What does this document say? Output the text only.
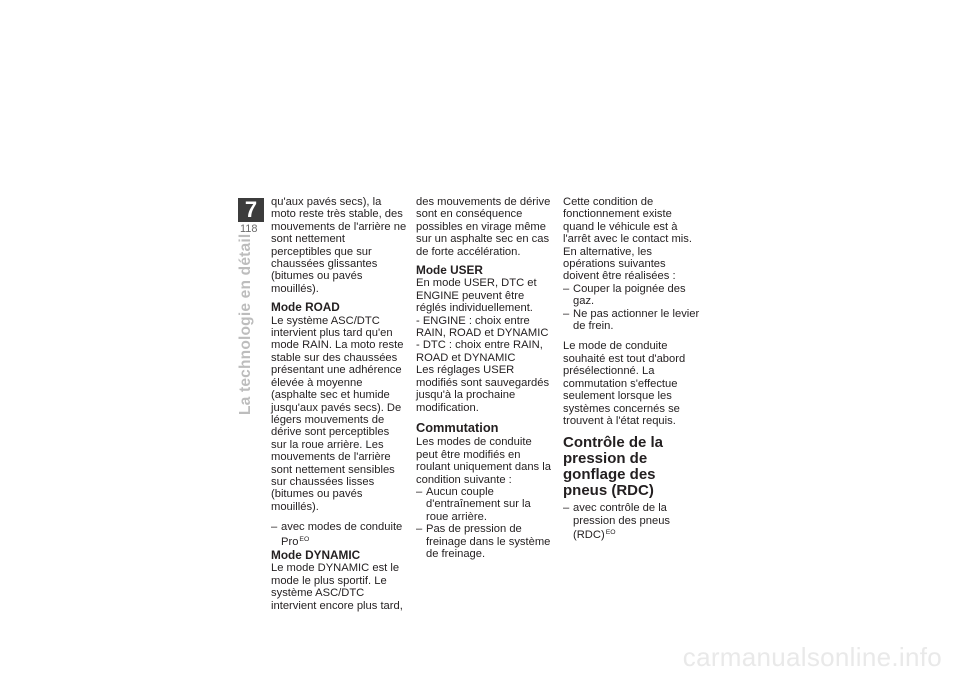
7
118
La technologie en détail

qu'aux pavés secs), la moto reste très stable, des mouvements de l'arrière ne sont nettement perceptibles que sur chaussées glissantes (bitumes ou pavés mouillés).

Mode ROAD

Le système ASC/DTC intervient plus tard qu'en mode RAIN. La moto reste stable sur des chaussées présentant une adhérence élevée à moyenne (asphalte sec et humide jusqu'aux pavés secs). De légers mouvements de dérive sont perceptibles sur la roue arrière. Les mouvements de l'arrière sont nettement sensibles sur chaussées lisses (bitumes ou pavés mouillés).

– avec modes de conduite Pro$^{EO}$

Mode DYNAMIC

Le mode DYNAMIC est le mode le plus sportif. Le système ASC/DTC intervient encore plus tard,

des mouvements de dérive sont en conséquence possibles en virage même sur un asphalte sec en cas de forte accélération.

Mode USER

En mode USER, DTC et ENGINE peuvent être réglés individuellement.

- ENGINE : choix entre RAIN, ROAD et DYNAMIC

- DTC : choix entre RAIN, ROAD et DYNAMIC

Les réglages USER modifiés sont sauvegardés jusqu'à la prochaine modification.

Commutation

Les modes de conduite peut être modifiés en roulant uniquement dans la condition suivante :

– Aucun couple d'entraînement sur la roue arrière.

– Pas de pression de freinage dans le système de freinage.

Cette condition de fonctionnement existe quand le véhicule est à l'arrêt avec le contact mis. En alternative, les opérations suivantes doivent être réalisées :

– Couper la poignée des gaz.

– Ne pas actionner le levier de frein.

Le mode de conduite souhaité est tout d'abord présélectionné. La commutation s'effectue seulement lorsque les systèmes concernés se trouvent à l'état requis.

Contrôle de la pression de gonflage des pneus (RDC)

– avec contrôle de la pression des pneus (RDC)$^{EO}$

carmanualsonline.info
